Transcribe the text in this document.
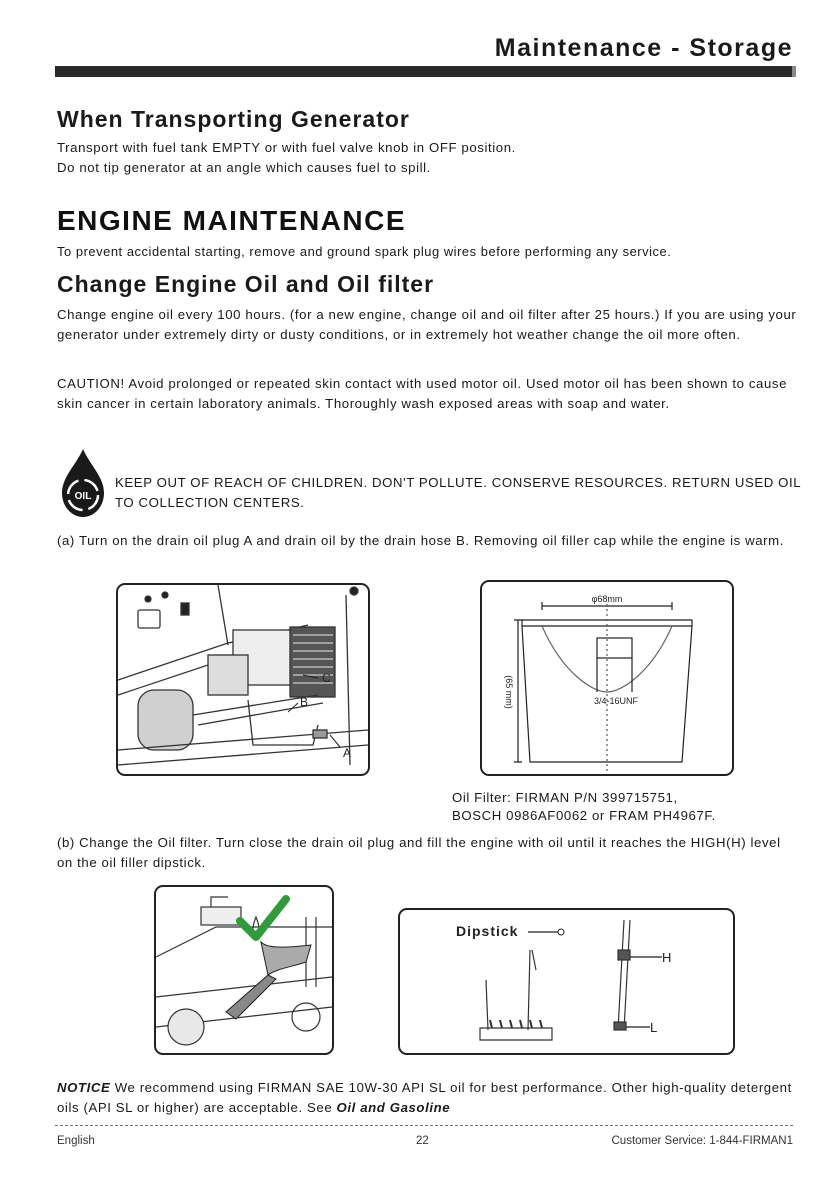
Maintenance - Storage
When Transporting Generator

Transport with fuel tank EMPTY or with fuel valve knob in OFF position.

Do not tip generator at an angle which causes fuel to spill.

ENGINE MAINTENANCE

To prevent accidental starting, remove and ground spark plug wires before performing any service.

Change Engine Oil and Oil filter

Change engine oil every 100 hours. (for a new engine, change oil and oil filter after 25 hours.) If you are using your generator under extremely dirty or dusty conditions, or in extremely hot weather change the oil more often.

CAUTION! Avoid prolonged or repeated skin contact with used motor oil. Used motor oil has been shown to cause skin cancer in certain laboratory animals. Thoroughly wash exposed areas with soap and water.

OIL

KEEP OUT OF REACH OF CHILDREN. DON'T POLLUTE. CONSERVE RESOURCES. RETURN USED OIL TO COLLECTION CENTERS.

(a) Turn on the drain oil plug A and drain oil by the drain hose B. Removing oil filler cap while the engine is warm.

B
C
A
φ68mm
(65 mm)	3/4-16UNF

Oil Filter: FIRMAN P/N 399715751,

BOSCH 0986AF0062 or FRAM PH4967F.

(b) Change the Oil filter. Turn close the drain oil plug and fill the engine with oil until it reaches the HIGH(H) level on the oil filler dipstick.

Dipstick
H
L

NOTICE We recommend using FIRMAN SAE 10W-30 API SL oil for best performance. Other high-quality detergent oils (API SL or higher) are acceptable. See Oil and Gasoline

English	22	Customer Service: 1-844-FIRMAN1
